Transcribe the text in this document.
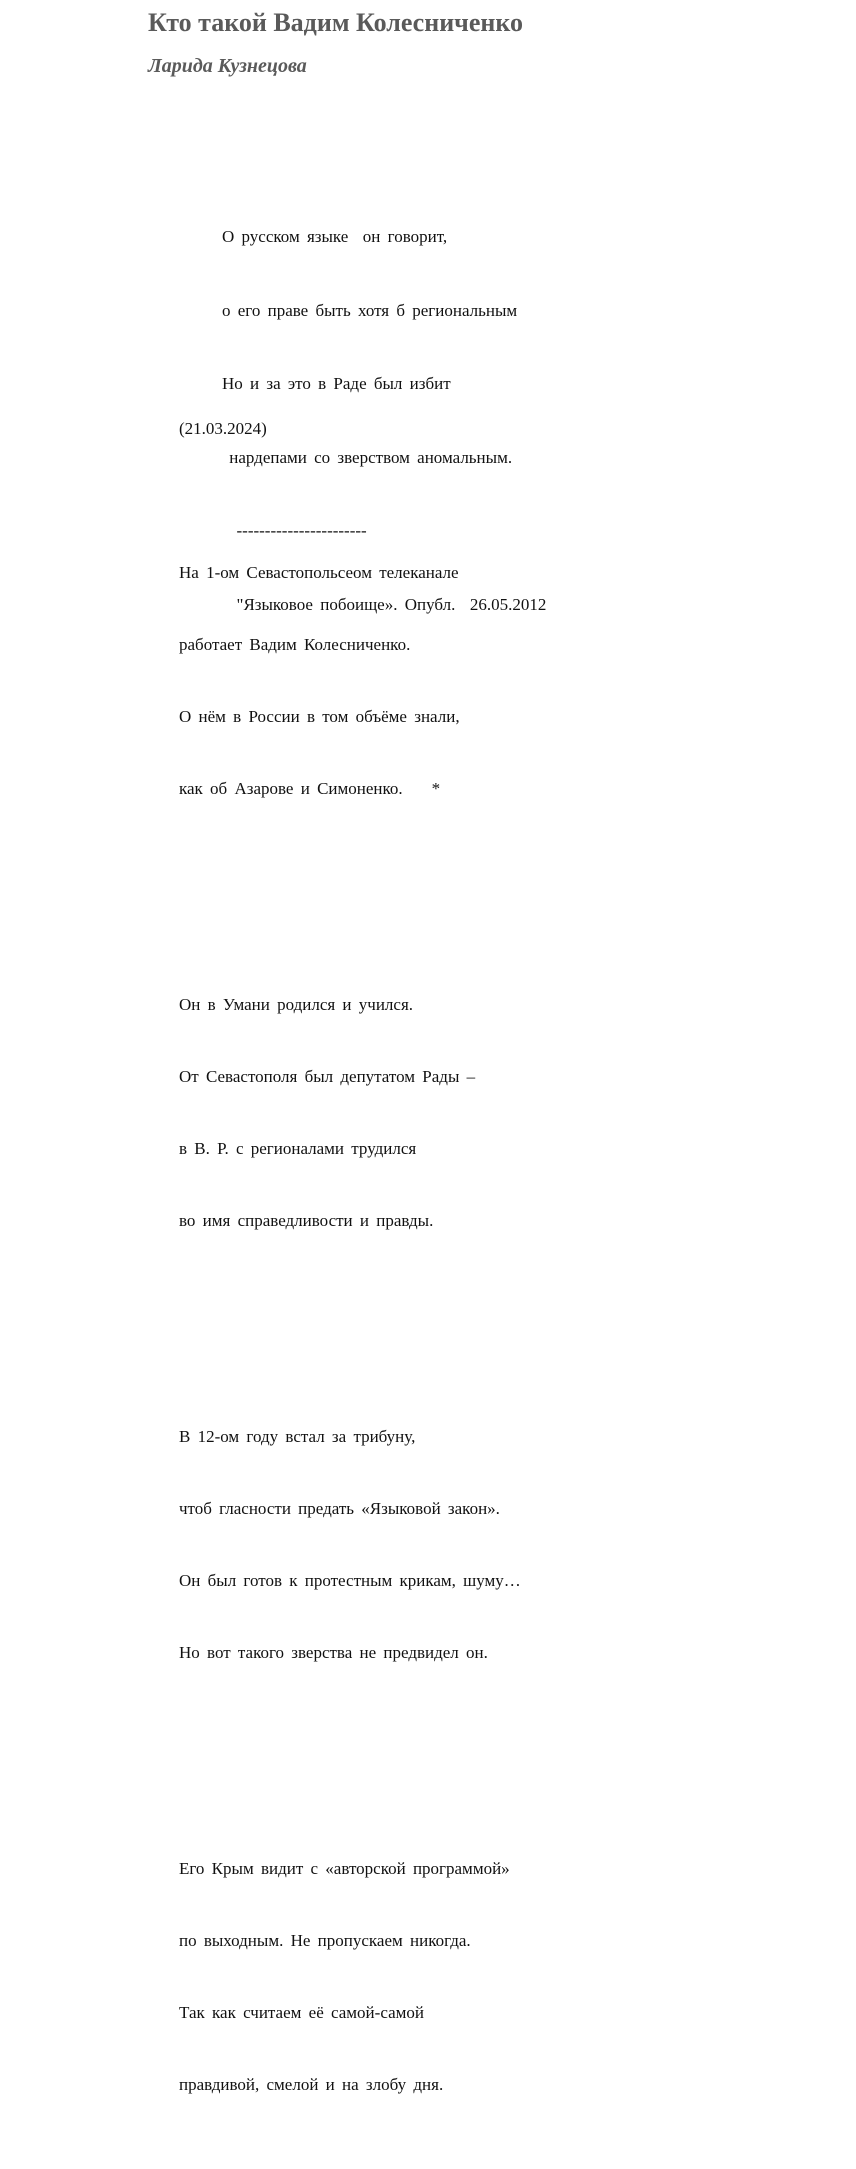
Кто такой Вадим Колесниченко
Ларида Кузнецова

О русском языке  он говорит,

о его праве быть хотя б региональным

Но и за это в Раде был избит

нардепами со зверством аномальным.

-----------------------

"Языковое побоище». Опубл.  26.05.2012

(21.03.2024)

На 1-ом Севастопольсеом телеканале

работает Вадим Колесниченко.

О нём в России в том объёме знали,

как об Азарове и Симоненко.    *

Он в Умани родился и учился.

От Севастополя был депутатом Рады –

в В. Р. с регионалами трудился

во имя справедливости и правды.

В 12-ом году встал за трибуну,

чтоб гласности предать «Языковой закон».

Он был готов к протестным крикам, шуму…

Но вот такого зверства не предвидел он.

Его Крым видит с «авторской программой»

по выходным. Не пропускаем никогда.

Так как считаем её самой-самой

правдивой, смелой и на злобу дня.
